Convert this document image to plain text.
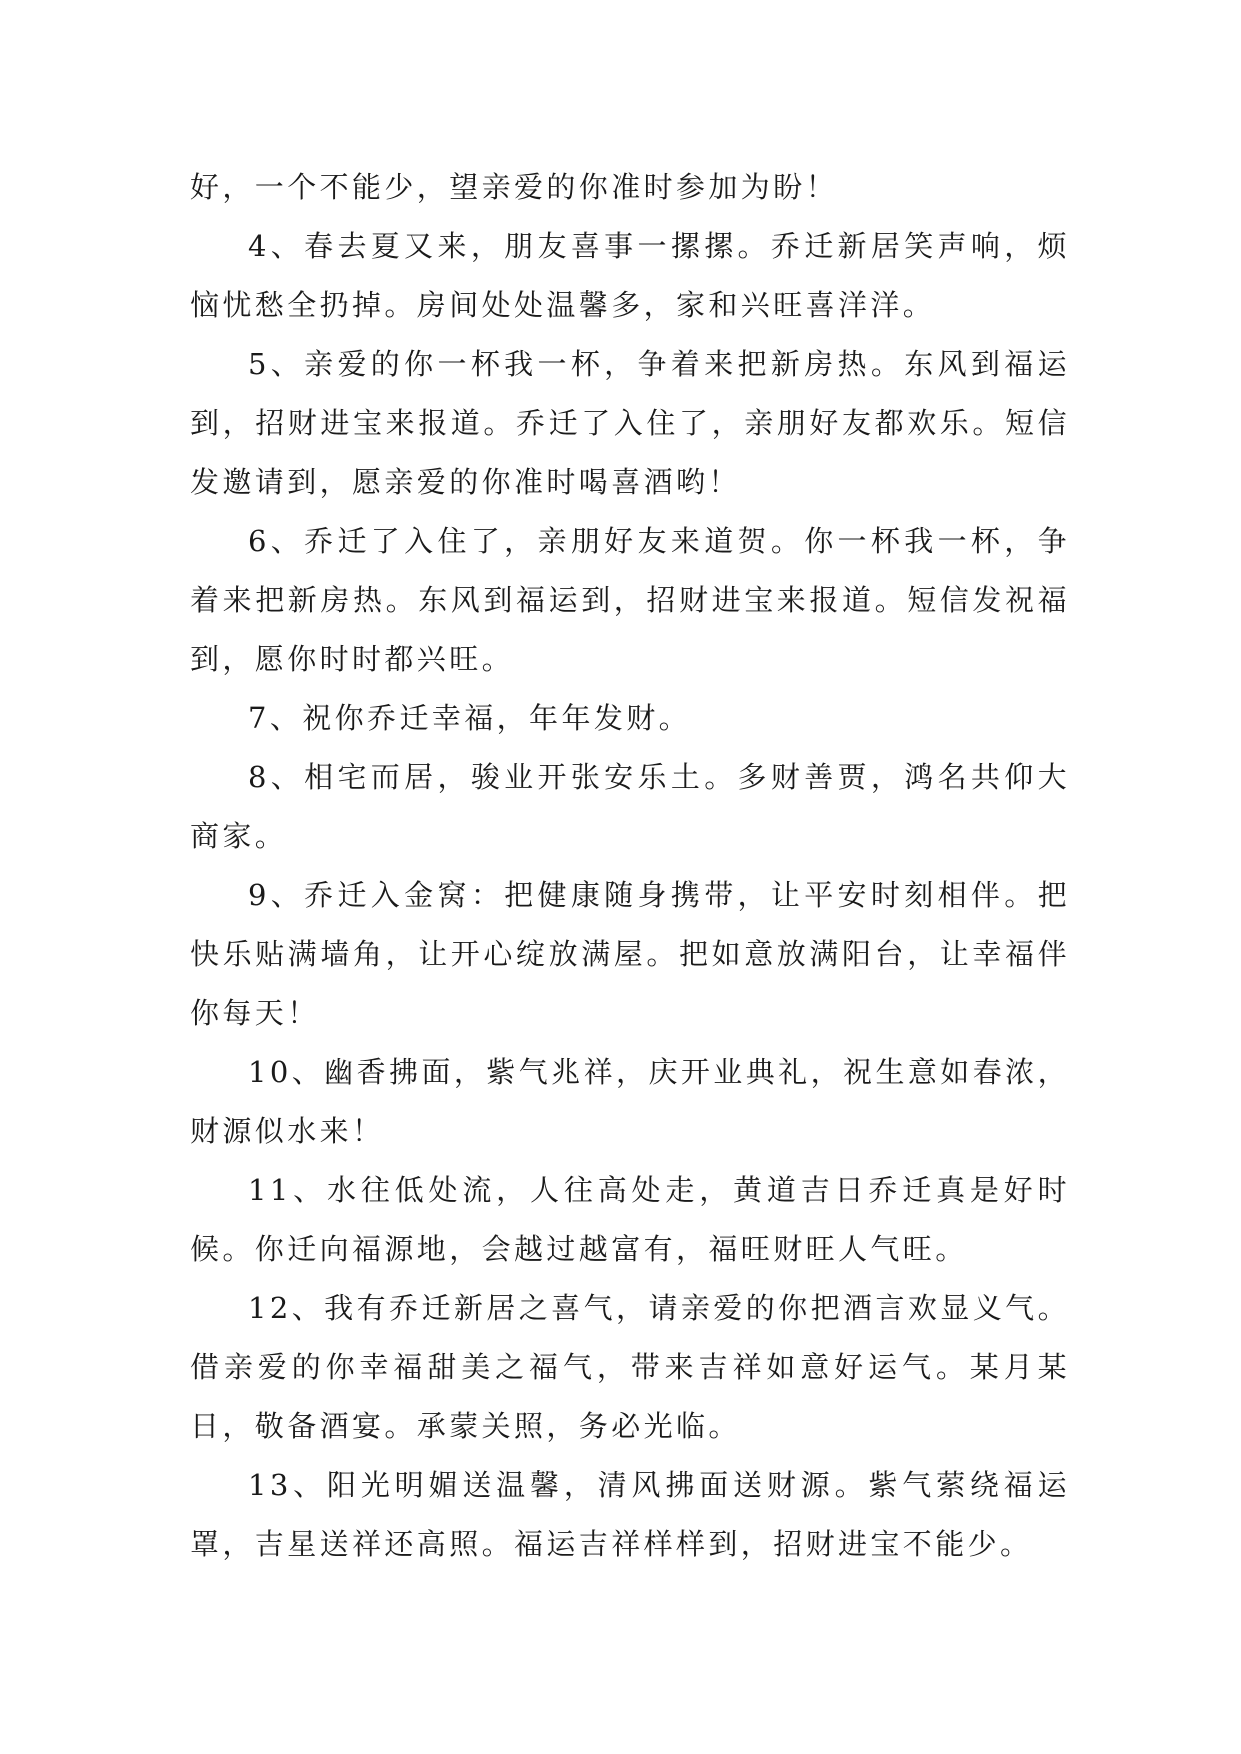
好，一个不能少，望亲爱的你准时参加为盼！

4、春去夏又来，朋友喜事一摞摞。乔迁新居笑声响，烦恼忧愁全扔掉。房间处处温馨多，家和兴旺喜洋洋。

5、亲爱的你一杯我一杯，争着来把新房热。东风到福运到，招财进宝来报道。乔迁了入住了，亲朋好友都欢乐。短信发邀请到，愿亲爱的你准时喝喜酒哟！

6、乔迁了入住了，亲朋好友来道贺。你一杯我一杯，争着来把新房热。东风到福运到，招财进宝来报道。短信发祝福到，愿你时时都兴旺。

7、祝你乔迁幸福，年年发财。

8、相宅而居，骏业开张安乐土。多财善贾，鸿名共仰大商家。

9、乔迁入金窝：把健康随身携带，让平安时刻相伴。把快乐贴满墙角，让开心绽放满屋。把如意放满阳台，让幸福伴你每天！

10、幽香拂面，紫气兆祥，庆开业典礼，祝生意如春浓，财源似水来！

11、水往低处流，人往高处走，黄道吉日乔迁真是好时候。你迁向福源地，会越过越富有，福旺财旺人气旺。

12、我有乔迁新居之喜气，请亲爱的你把酒言欢显义气。借亲爱的你幸福甜美之福气，带来吉祥如意好运气。某月某日，敬备酒宴。承蒙关照，务必光临。

13、阳光明媚送温馨，清风拂面送财源。紫气萦绕福运罩，吉星送祥还高照。福运吉祥样样到，招财进宝不能少。
